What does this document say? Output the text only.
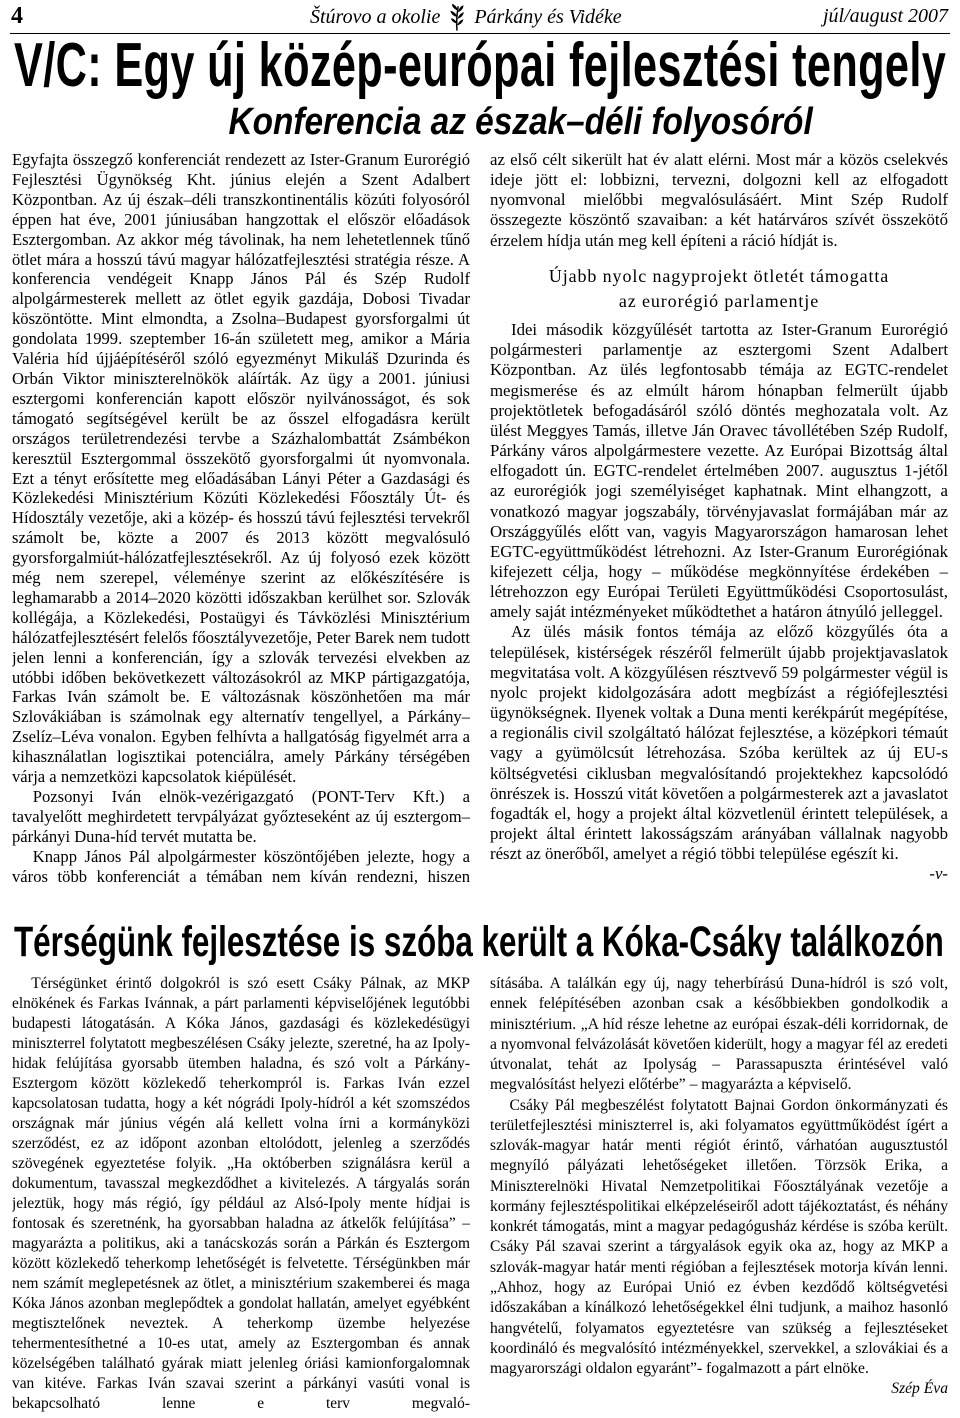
4	Štúrovo a okolie Párkány és Vidéke	júl/august 2007
V/C: Egy új közép-európai fejlesztési tengely
Konferencia az észak–déli folyosóról

Egyfajta összegző konferenciát rendezett az Ister-Granum Eurorégió Fejlesztési Ügynökség Kht. június elején a Szent Adalbert Központban. Az új észak–déli transzkontinentális közúti folyosóról éppen hat éve, 2001 júniusában hangzottak el először előadások Esztergomban. Az akkor még távolinak, ha nem lehetetlennek tűnő ötlet mára a hosszú távú magyar hálózatfejlesztési stratégia része. A konferencia vendégeit Knapp János Pál és Szép Rudolf alpolgármesterek mellett az ötlet egyik gazdája, Dobosi Tivadar köszöntötte. Mint elmondta, a Zsolna–Budapest gyorsforgalmi út gondolata 1999. szeptember 16-án született meg, amikor a Mária Valéria híd újjáépítéséről szóló egyezményt Mikuláš Dzurinda és Orbán Viktor miniszterelnökök aláírták. Az ügy a 2001. júniusi esztergomi konferencián kapott először nyilvánosságot, és sok támogató segítségével került be az ősszel elfogadásra került országos területrendezési tervbe a Százhalombattát Zsámbékon keresztül Esztergommal összekötő gyorsforgalmi út nyomvonala. Ezt a tényt erősítette meg előadásában Lányi Péter a Gazdasági és Közlekedési Minisztérium Közúti Közlekedési Főosztály Út- és Hídosztály vezetője, aki a közép- és hosszú távú fejlesztési tervekről számolt be, közte a 2007 és 2013 között megvalósuló gyorsforgalmiút-hálózatfejlesztésekről. Az új folyosó ezek között még nem szerepel, véleménye szerint az előkészítésére is leghamarabb a 2014–2020 közötti időszakban kerülhet sor. Szlovák kollégája, a Közlekedési, Postaügyi és Távközlési Minisztérium hálózatfejlesztésért felelős főosztályvezetője, Peter Barek nem tudott jelen lenni a konferencián, így a szlovák tervezési elvekben az utóbbi időben bekövetkezett változásokról az MKP pártigazgatója, Farkas Iván számolt be. E változásnak köszönhetően ma már Szlovákiában is számolnak egy alternatív tengellyel, a Párkány–Zselíz–Léva vonalon. Egyben felhívta a hallgatóság figyelmét arra a kihasználatlan logisztikai potenciálra, amely Párkány térségében várja a nemzetközi kapcsolatok kiépülését.

Pozsonyi Iván elnök-vezérigazgató (PONT-Terv Kft.) a tavalyelőtt meghirdetett tervpályázat győzteseként az új esztergom–párkányi Duna-híd tervét mutatta be.

Knapp János Pál alpolgármester köszöntőjében jelezte, hogy a város több konferenciát a témában nem kíván rendezni, hiszen

az első célt sikerült hat év alatt elérni. Most már a közös cselekvés ideje jött el: lobbizni, tervezni, dolgozni kell az elfogadott nyomvonal mielőbbi megvalósulásáért. Mint Szép Rudolf összegezte köszöntő szavaiban: a két határváros szívét összekötő érzelem hídja után meg kell építeni a ráció hídját is.

Újabb nyolc nagyprojekt ötletét támogatta
az eurorégió parlamentje

Idei második közgyűlését tartotta az Ister-Granum Eurorégió polgármesteri parlamentje az esztergomi Szent Adalbert Központban. Az ülés legfontosabb témája az EGTC-rendelet megismerése és az elmúlt három hónapban felmerült újabb projektötletek befogadásáról szóló döntés meghozatala volt. Az ülést Meggyes Tamás, illetve Ján Oravec távollétében Szép Rudolf, Párkány város alpolgármestere vezette. Az Európai Bizottság által elfogadott ún. EGTC-rendelet értelmében 2007. augusztus 1-jétől az eurorégiók jogi személyiséget kaphatnak. Mint elhangzott, a vonatkozó magyar jogszabály, törvényjavaslat formájában már az Országgyűlés előtt van, vagyis Magyarországon hamarosan lehet EGTC-együttműködést létrehozni. Az Ister-Granum Eurorégiónak kifejezett célja, hogy – működése megkönnyítése érdekében – létrehozzon egy Európai Területi Együttműködési Csoportosulást, amely saját intézményeket működtethet a határon átnyúló jelleggel.

Az ülés másik fontos témája az előző közgyűlés óta a települések, kistérségek részéről felmerült újabb projektjavaslatok megvitatása volt. A közgyűlésen résztvevő 59 polgármester végül is nyolc projekt kidolgozására adott megbízást a régiófejlesztési ügynökségnek. Ilyenek voltak a Duna menti kerékpárút megépítése, a regionális civil szolgáltató hálózat fejlesztése, a középkori témaút vagy a gyümölcsút létrehozása. Szóba kerültek az új EU-s költségvetési ciklusban megvalósítandó projektekhez kapcsolódó önrészek is. Hosszú vitát követően a polgármesterek azt a javaslatot fogadták el, hogy a projekt által közvetlenül érintett települések, a projekt által érintett lakosságszám arányában vállalnak nagyobb részt az önerőből, amelyet a régió többi települése egészít ki.

-v-

Térségünk fejlesztése is szóba került a Kóka-Csáky találkozón

Térségünket érintő dolgokról is szó esett Csáky Pálnak, az MKP elnökének és Farkas Ivánnak, a párt parlamenti képviselőjének legutóbbi budapesti látogatásán. A Kóka János, gazdasági és közlekedésügyi miniszterrel folytatott megbeszélésen Csáky jelezte, szeretné, ha az Ipoly-hidak felújítása gyorsabb ütemben haladna, és szó volt a Párkány-Esztergom között közlekedő teherkompról is. Farkas Iván ezzel kapcsolatosan tudatta, hogy a két nógrádi Ipoly-hídról a két szomszédos országnak már június végén alá kellett volna írni a kormányközi szerződést, ez az időpont azonban eltolódott, jelenleg a szerződés szövegének egyeztetése folyik. „Ha októberben szignálásra kerül a dokumentum, tavasszal megkezdődhet a kivitelezés. A tárgyalás során jeleztük, hogy más régió, így például az Alsó-Ipoly mente hídjai is fontosak és szeretnénk, ha gyorsabban haladna az átkelők felújítása” – magyarázta a politikus, aki a tanácskozás során a Párkán és Esztergom között közlekedő teherkomp lehetőségét is felvetette. Térségünkben már nem számít meglepetésnek az ötlet, a minisztérium szakemberei és maga Kóka János azonban meglepődtek a gondolat hallatán, amelyet egyébként megtisztelőnek neveztek. A teherkomp üzembe helyezése tehermentesíthetné a 10-es utat, amely az Esztergomban és annak közelségében található gyárak miatt jelenleg óriási kamionforgalomnak van kitéve. Farkas Iván szavai szerint a párkányi vasúti vonal is bekapcsolható lenne e terv megvaló-

sításába. A találkán egy új, nagy teherbírású Duna-hídról is szó volt, ennek felépítésében azonban csak a későbbiekben gondolkodik a minisztérium. „A híd része lehetne az európai észak-déli korridornak, de a nyomvonal felvázolását követően kiderült, hogy a magyar fél az eredeti útvonalat, tehát az Ipolyság – Parassapuszta érintésével való megvalósítást helyezi előtérbe” – magyarázta a képviselő.

Csáky Pál megbeszélést folytatott Bajnai Gordon önkormányzati és területfejlesztési miniszterrel is, aki folyamatos együttműködést ígért a szlovák-magyar határ menti régiót érintő, várhatóan augusztustól megnyíló pályázati lehetőségeket illetően. Törzsök Erika, a Miniszterelnöki Hivatal Nemzetpolitikai Főosztályának vezetője a kormány fejlesztéspolitikai elképzeléseiről adott tájékoztatást, és néhány konkrét támogatás, mint a magyar pedagógusház kérdése is szóba került. Csáky Pál szavai szerint a tárgyalások egyik oka az, hogy az MKP a szlovák-magyar határ menti régióban a fejlesztések motorja kíván lenni. „Ahhoz, hogy az Európai Unió ez évben kezdődő költségvetési időszakában a kínálkozó lehetőségekkel élni tudjunk, a maihoz hasonló hangvételű, folyamatos egyeztetésre van szükség a fejlesztéseket koordináló és megvalósító intézményekkel, szervekkel, a szlovákiai és a magyarországi oldalon egyaránt”- fogalmazott a párt elnöke.

Szép Éva
